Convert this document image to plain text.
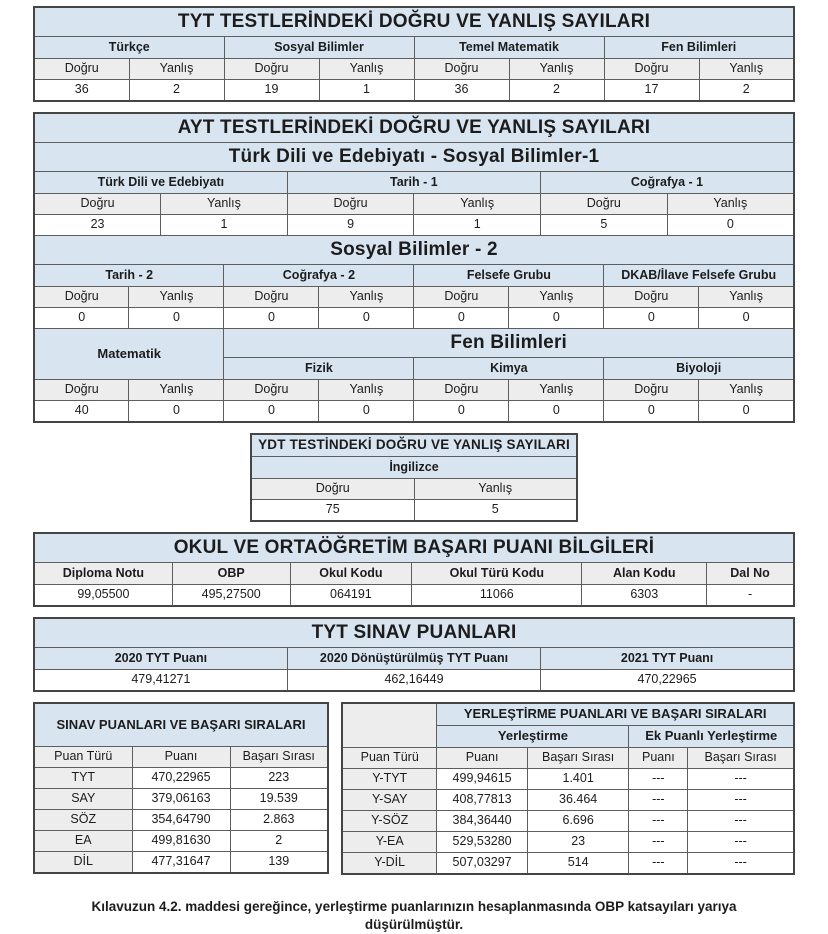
TYT TESTLERİNDEKİ DOĞRU VE YANLIŞ SAYILARI							
Türkçe		Sosyal Bilimler		Temel Matematik		Fen Bilimleri	
Doğru	Yanlış	Doğru	Yanlış	Doğru	Yanlış	Doğru	Yanlış
36	2	19	1	36	2	17	2
AYT TESTLERİNDEKİ DOĞRU VE YANLIŞ SAYILARI											
Türk Dili ve Edebiyatı - Sosyal Bilimler-1											
Türk Dili ve Edebiyatı				Tarih - 1				Coğrafya - 1			
Doğru		Yanlış		Doğru		Yanlış		Doğru		Yanlış	
23		1		9		1		5		0	
Sosyal Bilimler - 2											
Tarih - 2			Coğrafya - 2			Felsefe Grubu			DKAB/İlave Felsefe Grubu		
Doğru	Yanlış		Doğru		Yanlış	Doğru	Yanlış		Doğru		Yanlış
0	0		0		0	0	0		0		0
Matematik			Fen Bilimleri								
			Fizik			Kimya			Biyoloji		
Doğru	Yanlış		Doğru		Yanlış	Doğru	Yanlış		Doğru		Yanlış
40	0		0		0	0	0		0		0
YDT TESTİNDEKİ DOĞRU VE YANLIŞ SAYILARI	
İngilizce	
Doğru	Yanlış
75	5
OKUL VE ORTAÖĞRETİM BAŞARI PUANI BİLGİLERİ					
Diploma Notu	OBP	Okul Kodu	Okul Türü Kodu	Alan Kodu	Dal No
99,05500	495,27500	064191	11066	6303	-
TYT SINAV PUANLARI		
2020 TYT Puanı	2020 Dönüştürülmüş TYT Puanı	2021 TYT Puanı
479,41271	462,16449	470,22965
SINAV PUANLARI VE BAŞARI SIRALARI		
Puan Türü	Puanı	Başarı Sırası
TYT	470,22965	223
SAY	379,06163	19.539
SÖZ	354,64790	2.863
EA	499,81630	2
DİL	477,31647	139
	YERLEŞTİRME PUANLARI VE BAŞARI SIRALARI			
	Yerleştirme		Ek Puanlı Yerleştirme	
Puan Türü	Puanı	Başarı Sırası	Puanı	Başarı Sırası
Y-TYT	499,94615	1.401	---	---
Y-SAY	408,77813	36.464	---	---
Y-SÖZ	384,36440	6.696	---	---
Y-EA	529,53280	23	---	---
Y-DİL	507,03297	514	---	---
Kılavuzun 4.2. maddesi gereğince, yerleştirme puanlarınızın hesaplanmasında OBP katsayıları yarıya düşürülmüştür.
